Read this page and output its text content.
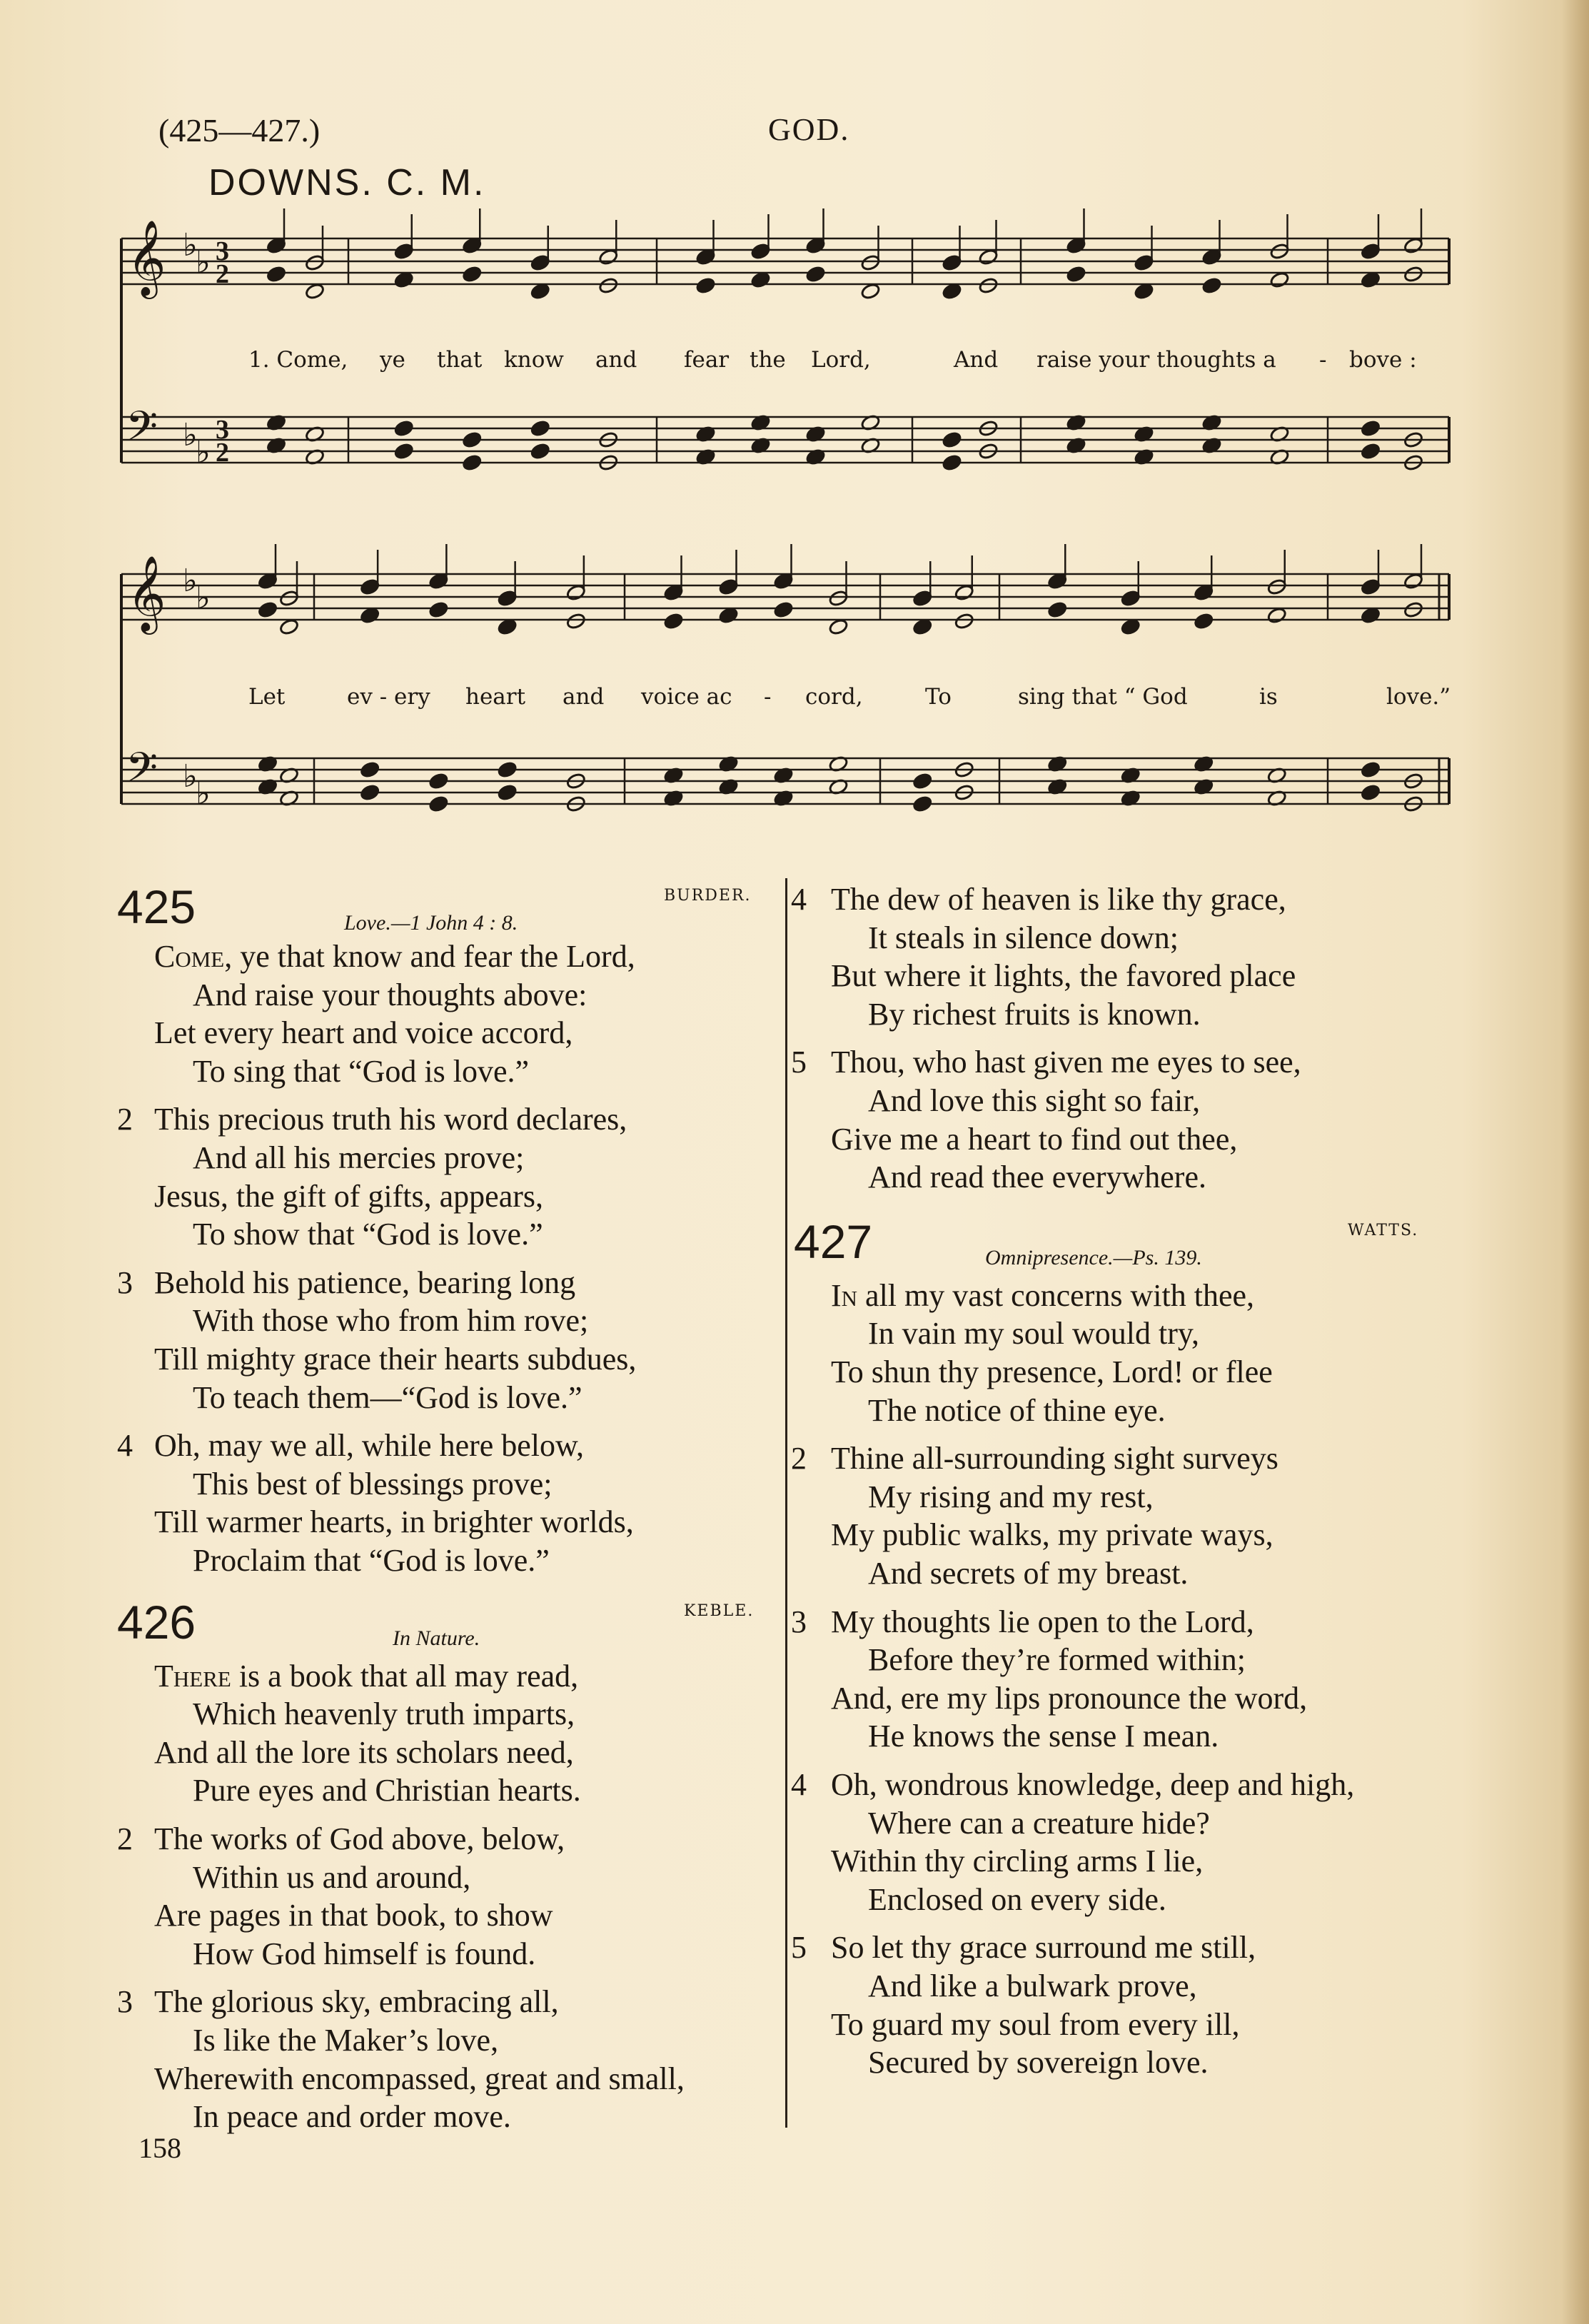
(425—427.)	GOD.
DOWNS. C. M.
𝄞
𝄢
♭
♭
♭
♭
3
2
3
2
𝄞
𝄢
♭
♭
♭
♭
1. Come, ye that know and fear the Lord,	And raise your thoughts a - bove :
Let	ev - ery heart and voice ac - cord,	To	sing that “ God	is	love.”
425	BURDER.
Love.—1 John 4 : 8.
Come, ye that know and fear the Lord,
And raise your thoughts above:
Let every heart and voice accord,
To sing that “God is love.”
2 This precious truth his word declares,
And all his mercies prove;
Jesus, the gift of gifts, appears,
To show that “God is love.”
3 Behold his patience, bearing long
With those who from him rove;
Till mighty grace their hearts subdues,
To teach them—“God is love.”
4 Oh, may we all, while here below,
This best of blessings prove;
Till warmer hearts, in brighter worlds,
Proclaim that “God is love.”
426	KEBLE.
In Nature.
There is a book that all may read,
Which heavenly truth imparts,
And all the lore its scholars need,
Pure eyes and Christian hearts.
2 The works of God above, below,
Within us and around,
Are pages in that book, to show
How God himself is found.
3 The glorious sky, embracing all,
Is like the Maker’s love,
Wherewith encompassed, great and small,
In peace and order move.
4 The dew of heaven is like thy grace,
It steals in silence down;
But where it lights, the favored place
By richest fruits is known.
5 Thou, who hast given me eyes to see,
And love this sight so fair,
Give me a heart to find out thee,
And read thee everywhere.
427	WATTS.
Omnipresence.—Ps. 139.
In all my vast concerns with thee,
In vain my soul would try,
To shun thy presence, Lord! or flee
The notice of thine eye.
2 Thine all-surrounding sight surveys
My rising and my rest,
My public walks, my private ways,
And secrets of my breast.
3 My thoughts lie open to the Lord,
Before they’re formed within;
And, ere my lips pronounce the word,
He knows the sense I mean.
4 Oh, wondrous knowledge, deep and high,
Where can a creature hide?
Within thy circling arms I lie,
Enclosed on every side.
5 So let thy grace surround me still,
And like a bulwark prove,
To guard my soul from every ill,
Secured by sovereign love.
158
